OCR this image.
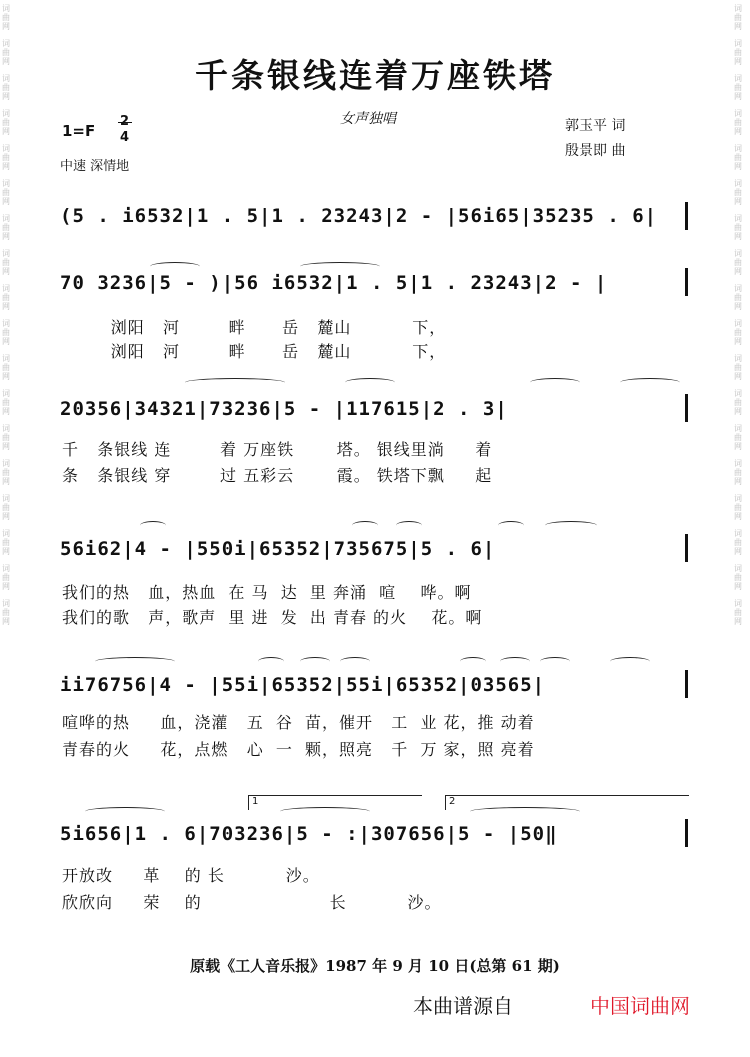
词曲网
词曲网
词曲网
词曲网
词曲网
词曲网
词曲网
词曲网
词曲网
词曲网
词曲网
词曲网
词曲网
词曲网
词曲网
词曲网
词曲网
词曲网
词曲网
词曲网
词曲网
词曲网
词曲网
词曲网
词曲网
词曲网
词曲网
词曲网
词曲网
词曲网
词曲网
词曲网
词曲网
词曲网
词曲网
词曲网
千条银线连着万座铁塔
1=F
2
4
中速 深情地
女声独唱	郭玉平 词
殷景即 曲
(5 . i6532|1 . 5|1 . 23243|2 - |56i65|35235 . 6|
70 3236|5 - )|56 i6532|1 . 5|1 . 23243|2 - |
浏阳   河        畔      岳   麓山          下，
浏阳   河        畔      岳   麓山          下，
20356|34321|73236|5 - |117615|2 . 3|
千   条银线 连        着 万座铁       塔。 银线里淌     着
条   条银线 穿        过 五彩云       霞。 铁塔下飘     起
56i62|4 - |550i|65352|735675|5 . 6|
我们的热   血，热血  在 马  达  里 奔涌  喧    哗。啊
我们的歌   声，歌声  里 进  发  出 青春 的火    花。啊
ii76756|4 - |55i|65352|55i|65352|03565|
喧哗的热     血，浇灌   五  谷  苗，催开   工  业 花，推 动着
青春的火     花，点燃   心  一  颗，照亮   千  万 家，照 亮着
1	2
5i656|1 . 6|703236|5 - :|307656|5 - |50‖
开放改     革    的 长          沙。
欣欣向     荣    的                     长          沙。
原载《工人音乐报》1987 年 9 月 10 日(总第 61 期)
本曲谱源自	中国词曲网
